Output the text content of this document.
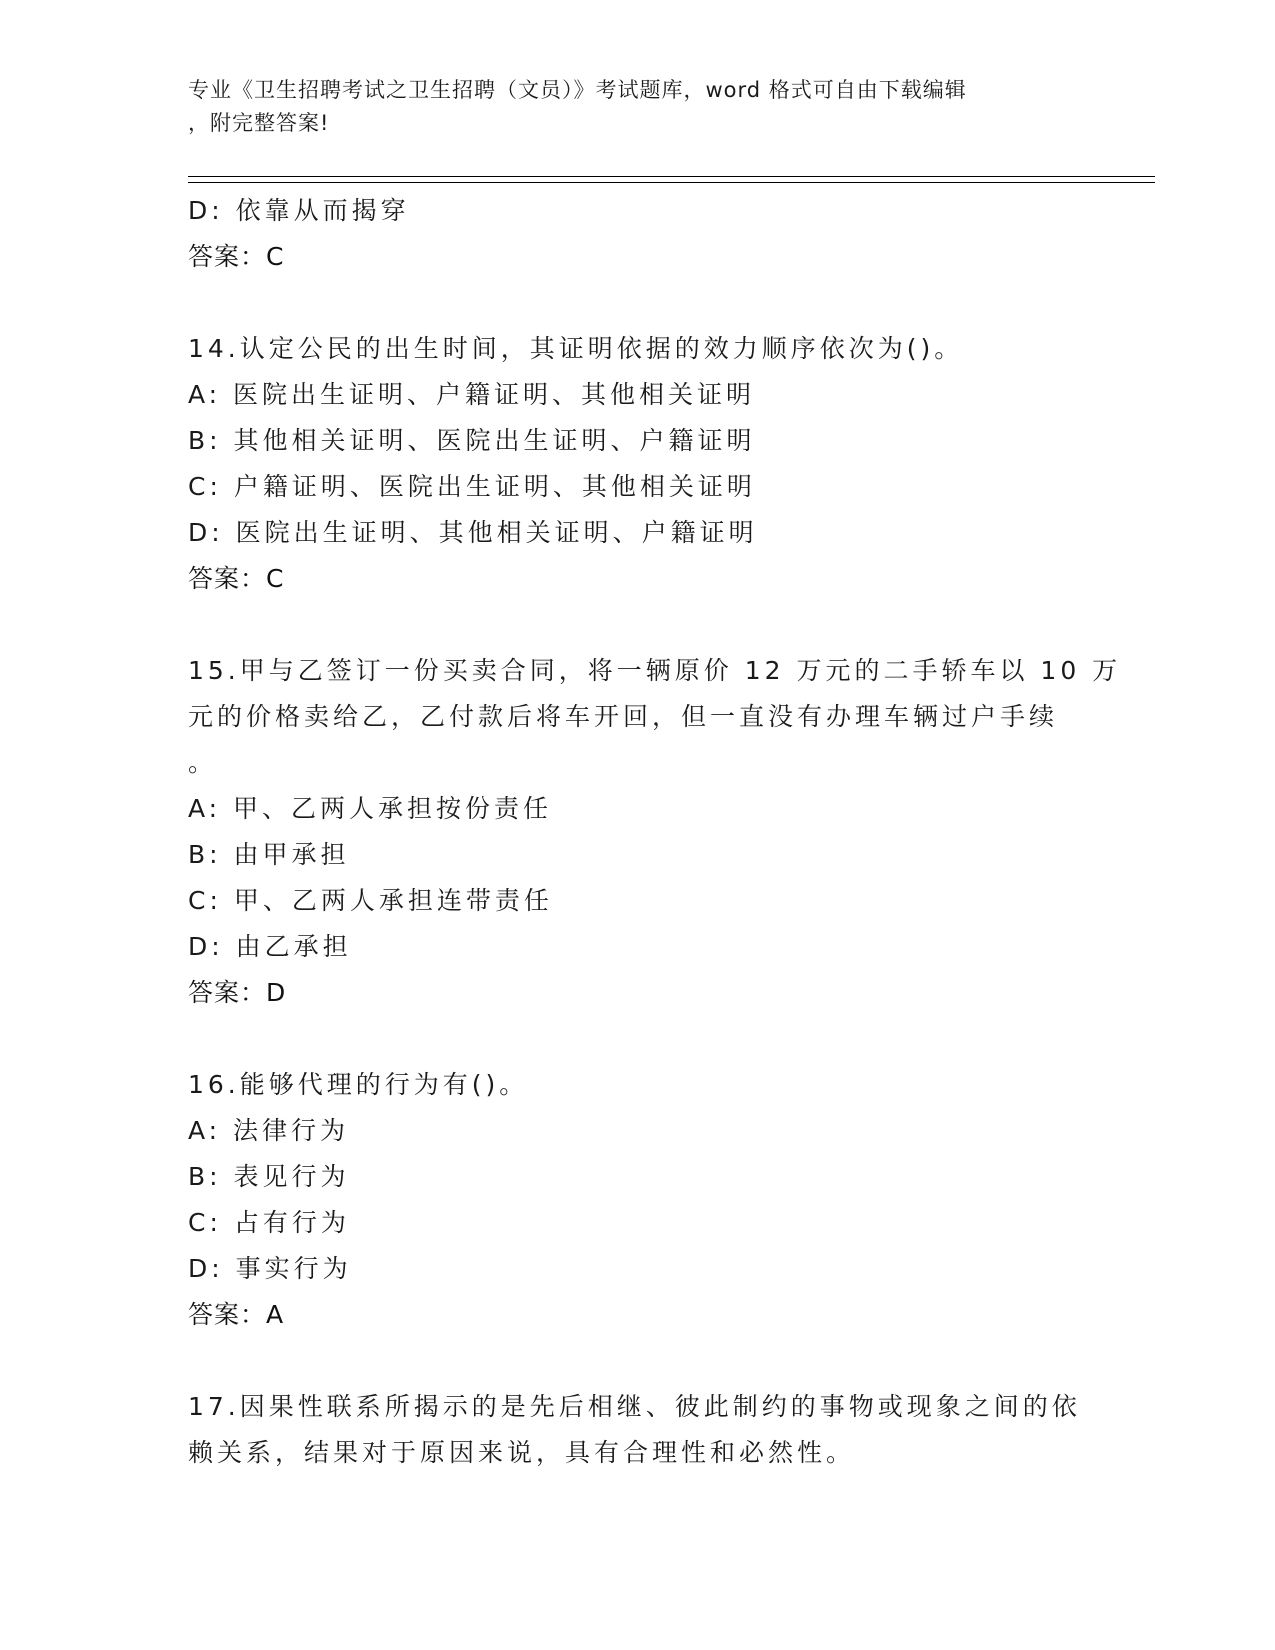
专业《卫生招聘考试之卫生招聘（文员）》考试题库，word 格式可自由下载编辑
，附完整答案!
D: 依靠从而揭穿
答案：C
14.认定公民的出生时间，其证明依据的效力顺序依次为()。
A: 医院出生证明、户籍证明、其他相关证明
B: 其他相关证明、医院出生证明、户籍证明
C: 户籍证明、医院出生证明、其他相关证明
D: 医院出生证明、其他相关证明、户籍证明
答案：C
15.甲与乙签订一份买卖合同，将一辆原价 12 万元的二手轿车以 10 万
元的价格卖给乙，乙付款后将车开回，但一直没有办理车辆过户手续
。
A: 甲、乙两人承担按份责任
B: 由甲承担
C: 甲、乙两人承担连带责任
D: 由乙承担
答案：D
16.能够代理的行为有()。
A: 法律行为
B: 表见行为
C: 占有行为
D: 事实行为
答案：A
17.因果性联系所揭示的是先后相继、彼此制约的事物或现象之间的依
赖关系，结果对于原因来说，具有合理性和必然性。
